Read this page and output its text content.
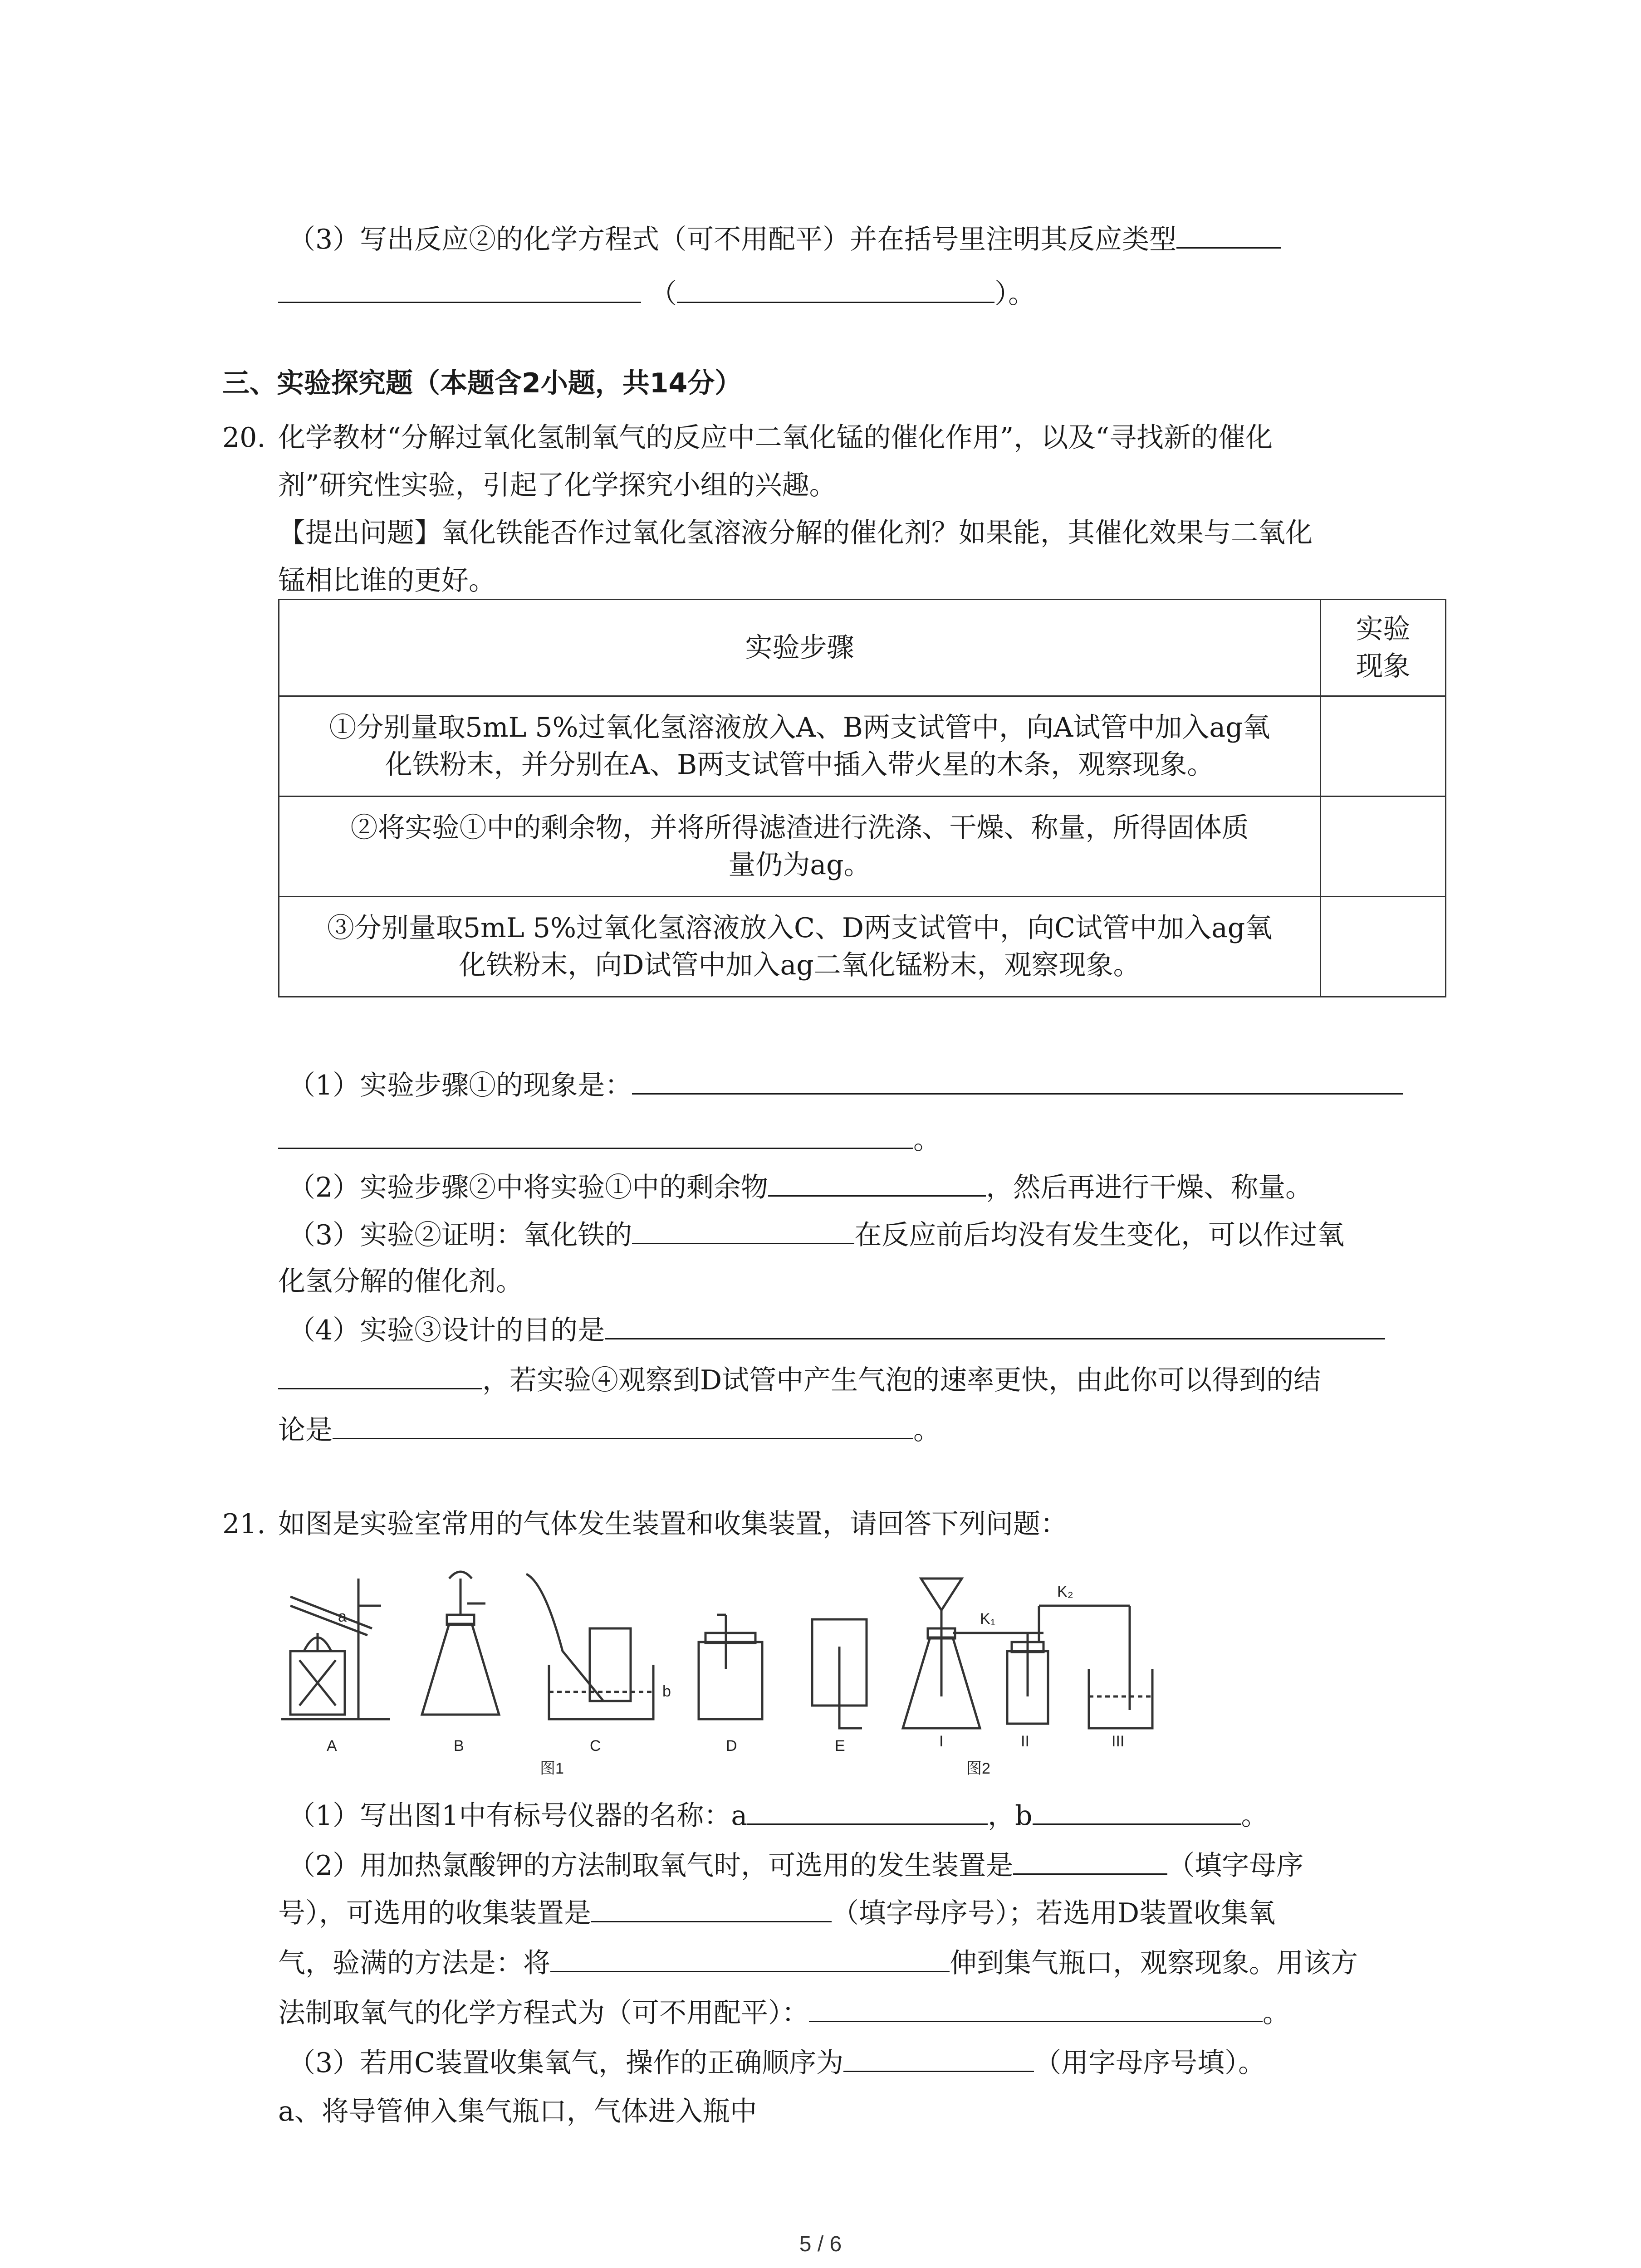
（3）写出反应②的化学方程式（可不用配平）并在括号里注明其反应类型
（	）。
三、实验探究题（本题含2小题，共14分）
20. 化学教材“分解过氧化氢制氧气的反应中二氧化锰的催化作用”，以及“寻找新的催化
剂”研究性实验，引起了化学探究小组的兴趣。
【提出问题】氧化铁能否作过氧化氢溶液分解的催化剂？如果能，其催化效果与二氧化
锰相比谁的更好。
实验步骤	实验
现象

①分别量取5mL 5%过氧化氢溶液放入A、B两支试管中，向A试管中加入ag氧
化铁粉末，并分别在A、B两支试管中插入带火星的木条，观察现象。	

②将实验①中的剩余物，并将所得滤渣进行洗涤、干燥、称量，所得固体质
量仍为ag。	

③分别量取5mL 5%过氧化氢溶液放入C、D两支试管中，向C试管中加入ag氧
化铁粉末，向D试管中加入ag二氧化锰粉末，观察现象。	

（1）实验步骤①的现象是：
。
（2）实验步骤②中将实验①中的剩余物	，然后再进行干燥、称量。
（3）实验②证明：氧化铁的	在反应前后均没有发生变化，可以作过氧
化氢分解的催化剂。
（4）实验③设计的目的是
，若实验④观察到D试管中产生气泡的速率更快，由此你可以得到的结
论是	。
21. 如图是实验室常用的气体发生装置和收集装置，请回答下列问题：
A	B	C	D	E	I	II	III
图1	图2
a
b
K₁
K₂
（1）写出图1中有标号仪器的名称：a	，b	。
（2）用加热氯酸钾的方法制取氧气时，可选用的发生装置是	（填字母序
号），可选用的收集装置是	（填字母序号）；若选用D装置收集氧
气，验满的方法是：将	伸到集气瓶口，观察现象。用该方
法制取氧气的化学方程式为（可不用配平）：	。
（3）若用C装置收集氧气，操作的正确顺序为	（用字母序号填）。
a、将导管伸入集气瓶口，气体进入瓶中
5 / 6
